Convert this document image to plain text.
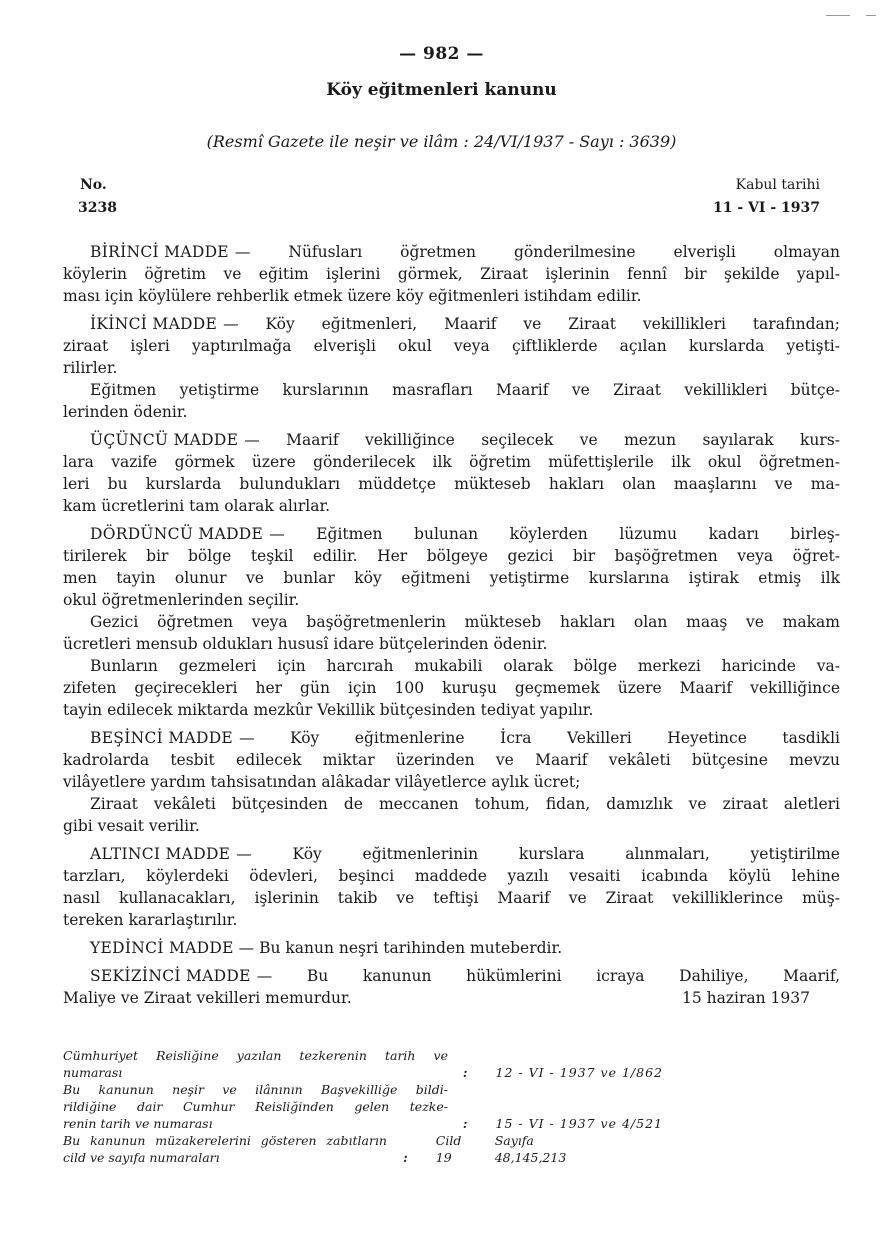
— 982 —
Köy eğitmenleri kanunu
(Resmî Gazete ile neşir ve ilâm : 24/VI/1937 - Sayı : 3639)
No.
3238
Kabul tarihi
11 - VI - 1937
BİRİNCİ MADDE — Nüfusları öğretmen gönderilmesine elverişli olmayan
köylerin öğretim ve eğitim işlerini görmek, Ziraat işlerinin fennî bir şekilde yapıl-
ması için köylülere rehberlik etmek üzere köy eğitmenleri istihdam edilir.
İKİNCİ MADDE — Köy eğitmenleri, Maarif ve Ziraat vekillikleri tarafından;
ziraat işleri yaptırılmağa elverişli okul veya çiftliklerde açılan kurslarda yetişti-
rilirler.
Eğitmen yetiştirme kurslarının masrafları Maarif ve Ziraat vekillikleri bütçe-
lerinden ödenir.
ÜÇÜNCÜ MADDE — Maarif vekilliğince seçilecek ve mezun sayılarak kurs-
lara vazife görmek üzere gönderilecek ilk öğretim müfettişlerile ilk okul öğretmen-
leri bu kurslarda bulundukları müddetçe mükteseb hakları olan maaşlarını ve ma-
kam ücretlerini tam olarak alırlar.
DÖRDÜNCÜ MADDE — Eğitmen bulunan köylerden lüzumu kadarı birleş-
tirilerek bir bölge teşkil edilir. Her bölgeye gezici bir başöğretmen veya öğret-
men tayin olunur ve bunlar köy eğitmeni yetiştirme kurslarına iştirak etmiş ilk
okul öğretmenlerinden seçilir.
Gezici öğretmen veya başöğretmenlerin mükteseb hakları olan maaş ve makam
ücretleri mensub oldukları hususî idare bütçelerinden ödenir.
Bunların gezmeleri için harcırah mukabili olarak bölge merkezi haricinde va-
zifeten geçirecekleri her gün için 100 kuruşu geçmemek üzere Maarif vekilliğince
tayin edilecek miktarda mezkûr Vekillik bütçesinden tediyat yapılır.
BEŞİNCİ MADDE — Köy eğitmenlerine İcra Vekilleri Heyetince tasdikli
kadrolarda tesbit edilecek miktar üzerinden ve Maarif vekâleti bütçesine mevzu
vilâyetlere yardım tahsisatından alâkadar vilâyetlerce aylık ücret;
Ziraat vekâleti bütçesinden de meccanen tohum, fidan, damızlık ve ziraat aletleri
gibi vesait verilir.
ALTINCI MADDE — Köy eğitmenlerinin kurslara alınmaları, yetiştirilme
tarzları, köylerdeki ödevleri, beşinci maddede yazılı vesaiti icabında köylü lehine
nasıl kullanacakları, işlerinin takib ve teftişi Maarif ve Ziraat vekilliklerince müş-
tereken kararlaştırılır.
YEDİNCİ MADDE — Bu kanun neşri tarihinden muteberdir.
SEKİZİNCİ MADDE — Bu kanunun hükümlerini icraya Dahiliye, Maarif,
Maliye ve Ziraat vekilleri memurdur.	15 haziran 1937
Cümhuriyet Reisliğine yazılan tezkerenin tarih ve
numarası	:	12 - VI - 1937 ve 1/862
Bu kanunun neşir ve ilânının Başvekilliğe bildi-
rildiğine dair Cumhur Reisliğinden gelen tezke-
renin tarih ve numarası	:	15 - VI - 1937 ve 4/521
Bu kanunun müzakerelerini gösteren zabıtların	Cild	Sayıfa
cild ve sayıfa numaraları	:	19	48,145,213
